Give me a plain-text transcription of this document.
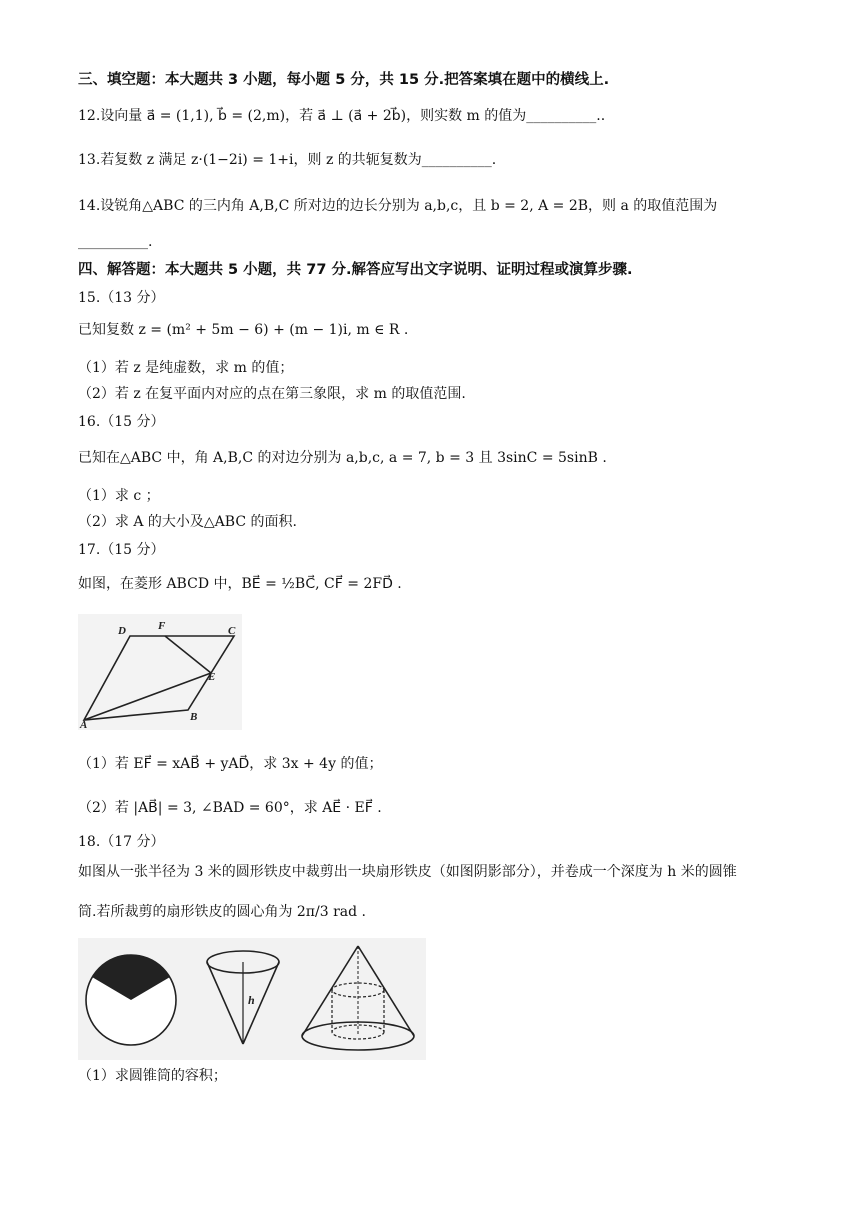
三、填空题：本大题共 3 小题，每小题 5 分，共 15 分.把答案填在题中的横线上.
12.设向量 a⃗ = (1,1), b⃗ = (2,m)，若 a⃗ ⊥ (a⃗ + 2b⃗)，则实数 m 的值为__________..
13.若复数 z 满足 z·(1−2i) = 1+i，则 z 的共轭复数为__________.
14.设锐角△ABC 的三内角 A,B,C 所对边的边长分别为 a,b,c，且 b = 2, A = 2B，则 a 的取值范围为
__________.
四、解答题：本大题共 5 小题，共 77 分.解答应写出文字说明、证明过程或演算步骤.
15.（13 分）
已知复数 z = (m² + 5m − 6) + (m − 1)i, m ∈ R .
（1）若 z 是纯虚数，求 m 的值；
（2）若 z 在复平面内对应的点在第三象限，求 m 的取值范围.
16.（15 分）
已知在△ABC 中，角 A,B,C 的对边分别为 a,b,c, a = 7, b = 3 且 3sinC = 5sinB .
（1）求 c ；
（2）求 A 的大小及△ABC 的面积.
17.（15 分）
如图，在菱形 ABCD 中，BE⃗ = ½BC⃗, CF⃗ = 2FD⃗ .
D	F	C
E
A
B
（1）若 EF⃗ = xAB⃗ + yAD⃗，求 3x + 4y 的值；
（2）若 |AB⃗| = 3, ∠BAD = 60°，求 AE⃗ · EF⃗ .
18.（17 分）
如图从一张半径为 3 米的圆形铁皮中裁剪出一块扇形铁皮（如图阴影部分），并卷成一个深度为 h 米的圆锥
筒.若所裁剪的扇形铁皮的圆心角为 2π/3 rad .
h
（1）求圆锥筒的容积；
